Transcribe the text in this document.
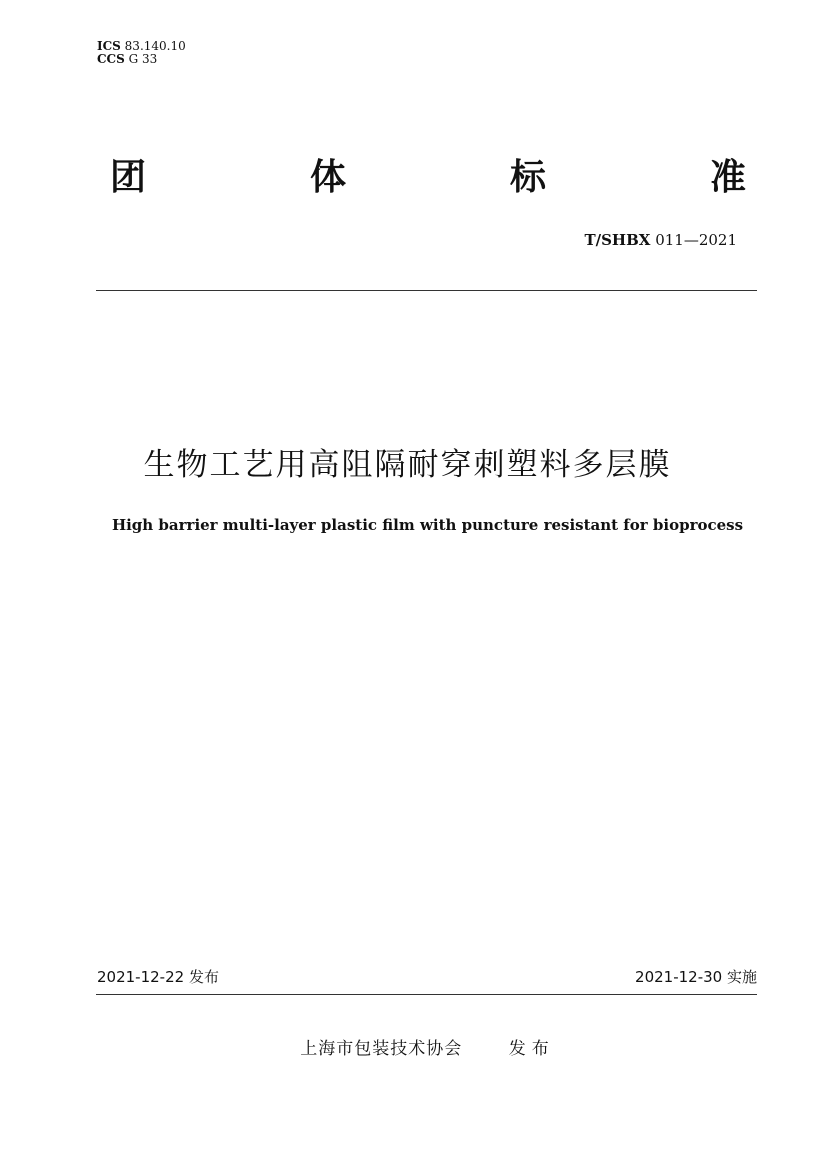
ICS 83.140.10
CCS G 33
团	体	标	准
T/SHBX 011—2021
生物工艺用高阻隔耐穿刺塑料多层膜
High barrier multi-layer plastic film with puncture resistant for bioprocess
2021-12-22 发布	2021-12-30 实施
上海市包装技术协会	发布
